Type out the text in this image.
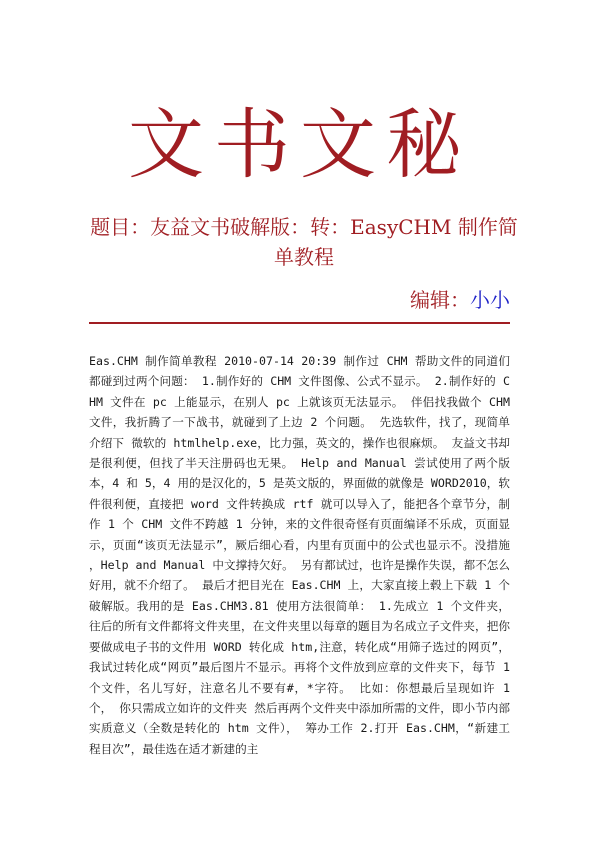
文书文秘
题目：友益文书破解版：转：EasyCHM 制作简单教程
编辑：小小
Eas.CHM 制作简单教程 2010-07-14 20:39 制作过 CHM 帮助文件的同道们都碰到过两个问题： 1.制作好的 CHM 文件图像、公式不显示。 2.制作好的 CHM 文件在 pc 上能显示，在别人 pc 上就该页无法显示。 伴侣找我做个 CHM 文件，我折腾了一下战书，就碰到了上边 2 个问题。 先选软件，找了，现简单介绍下 微软的 htmlhelp.exe，比力强，英文的，操作也很麻烦。 友益文书却是很利便，但找了半天注册码也无果。 Help and Manual 尝试使用了两个版本，4 和 5，4 用的是汉化的，5 是英文版的，界面做的就像是 WORD2010，软件很利便，直接把 word 文件转换成 rtf 就可以导入了，能把各个章节分，制作 1 个 CHM 文件不跨越 1 分钟，来的文件很奇怪有页面编译不乐成，页面显示，页面“该页无法显示”，厥后细心看，内里有页面中的公式也显示不。没措施 ，Help and Manual 中文撑持欠好。 另有都试过，也许是操作失误，都不怎么好用，就不介绍了。 最后才把目光在 Eas.CHM 上，大家直接上毂上下载 1 个破解版。我用的是 Eas.CHM3.81 使用方法很简单： 1.先成立 1 个文件夹，往后的所有文件都将文件夹里，在文件夹里以每章的题目为名成立子文件夹，把你要做成电子书的文件用 WORD 转化成 htm,注意，转化成“用筛子选过的网页”，我试过转化成“网页”最后图片不显示。再将个文件放到应章的文件夹下，每节 1 个文件，名儿写好，注意名儿不要有#，*字符。 比如：你想最后呈现如许 1 个， 你只需成立如许的文件夹 然后再两个文件夹中添加所需的文件，即小节内部实质意义（全数是转化的 htm 文件）， 筹办工作 2.打开 Eas.CHM，“新建工程目次”，最佳选在适才新建的主
